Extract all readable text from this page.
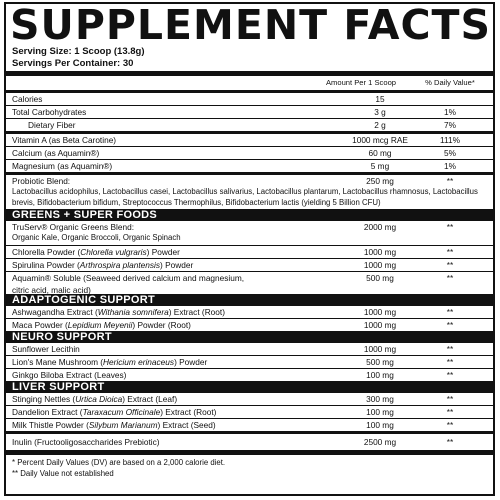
SUPPLEMENT FACTS
Serving Size: 1 Scoop (13.8g)
Servings Per Container: 30
Amount Per 1 Scoop	% Daily Value*
Calories	15
Total Carbohydrates	3 g	1%
Dietary Fiber	2 g	7%
Vitamin A (as Beta Carotine)	1000 mcg RAE	111%
Calcium (as Aquamin®)	60 mg	5%
Magnesium (as Aquamin®)	5 mg	1%
Probiotic Blend:	250 mg	**
Lactobacillus acidophilus, Lactobacillus casei, Lactobacillus salivarius, Lactobacillus plantarum, Lactobacillus rhamnosus, Lactobacillus brevis, Bifidobacterium bifidum, Streptococcus Thermophilus, Bifidobacterium lactis (yielding 5 Billion CFU)
GREENS + SUPER FOODS
TruServ® Organic Greens Blend:	2000 mg	**
Organic Kale, Organic Broccoli, Organic Spinach
Chlorella Powder (Chlorella vulgraris) Powder	1000 mg	**
Spirulina Powder (Arthrospira plantensis) Powder	1000 mg	**
Aquamin® Soluble (Seaweed derived calcium and magnesium,
citric acid, malic acid)
500 mg	**
ADAPTOGENIC SUPPORT
Ashwagandha Extract (Withania somnifera) Extract (Root)	1000 mg	**
Maca Powder (Lepidium Meyenii) Powder (Root)	1000 mg	**
NEURO SUPPORT
Sunflower Lecithin	1000 mg	**
Lion's Mane Mushroom (Hericium erinaceus) Powder	500 mg	**
Ginkgo Biloba Extract (Leaves)	100 mg	**
LIVER SUPPORT
Stinging Nettles (Urtica Dioica) Extract (Leaf)	300 mg	**
Dandelion Extract (Taraxacum Officinale) Extract (Root)	100 mg	**
Milk Thistle Powder (Silybum Marianum) Extract (Seed)	100 mg	**
Inulin (Fructooligosaccharides Prebiotic)	2500 mg	**
* Percent Daily Values (DV) are based on a 2,000 calorie diet.
** Daily Value not established
